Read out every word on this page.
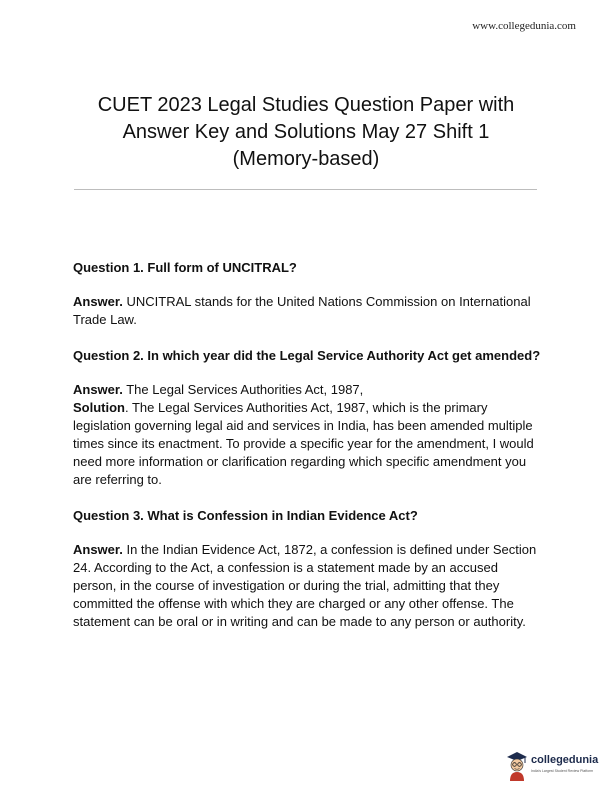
www.collegedunia.com
CUET 2023 Legal Studies Question Paper with
Answer Key and Solutions May 27 Shift 1
(Memory-based)

Question 1. Full form of UNCITRAL?

Answer. UNCITRAL stands for the United Nations Commission on International Trade Law.

Question 2. In which year did the Legal Service Authority Act get amended?

Answer. The Legal Services Authorities Act, 1987,
Solution. The Legal Services Authorities Act, 1987, which is the primary legislation governing legal aid and services in India, has been amended multiple times since its enactment. To provide a specific year for the amendment, I would need more information or clarification regarding which specific amendment you are referring to.

Question 3. What is Confession in Indian Evidence Act?

Answer. In the Indian Evidence Act, 1872, a confession is defined under Section 24. According to the Act, a confession is a statement made by an accused person, in the course of investigation or during the trial, admitting that they committed the offense with which they are charged or any other offense. The statement can be oral or in writing and can be made to any person or authority.

collegedunia
India's Largest Student Review Platform
